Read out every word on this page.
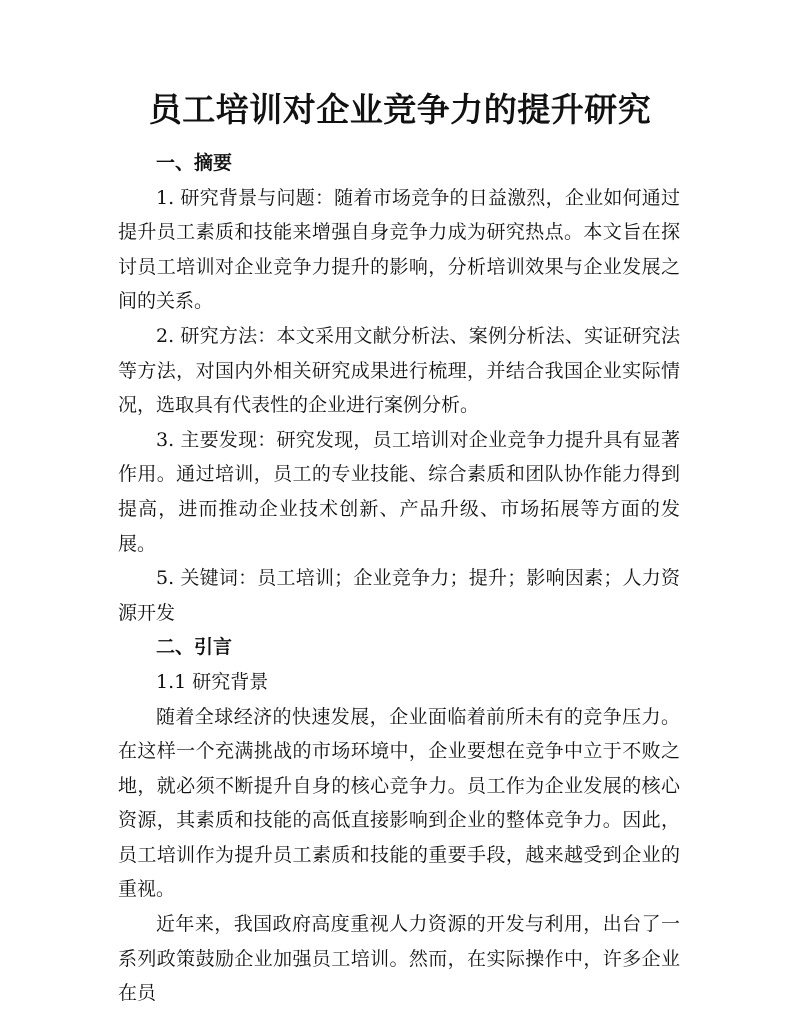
员工培训对企业竞争力的提升研究
一、摘要

1. 研究背景与问题：随着市场竞争的日益激烈，企业如何通过提升员工素质和技能来增强自身竞争力成为研究热点。本文旨在探讨员工培训对企业竞争力提升的影响，分析培训效果与企业发展之间的关系。

2. 研究方法：本文采用文献分析法、案例分析法、实证研究法等方法，对国内外相关研究成果进行梳理，并结合我国企业实际情况，选取具有代表性的企业进行案例分析。

3. 主要发现：研究发现，员工培训对企业竞争力提升具有显著作用。通过培训，员工的专业技能、综合素质和团队协作能力得到提高，进而推动企业技术创新、产品升级、市场拓展等方面的发展。

5. 关键词：员工培训；企业竞争力；提升；影响因素；人力资源开发

二、引言
1.1 研究背景

随着全球经济的快速发展，企业面临着前所未有的竞争压力。在这样一个充满挑战的市场环境中，企业要想在竞争中立于不败之地，就必须不断提升自身的核心竞争力。员工作为企业发展的核心资源，其素质和技能的高低直接影响到企业的整体竞争力。因此，员工培训作为提升员工素质和技能的重要手段，越来越受到企业的重视。

近年来，我国政府高度重视人力资源的开发与利用，出台了一系列政策鼓励企业加强员工培训。然而，在实际操作中，许多企业在员
